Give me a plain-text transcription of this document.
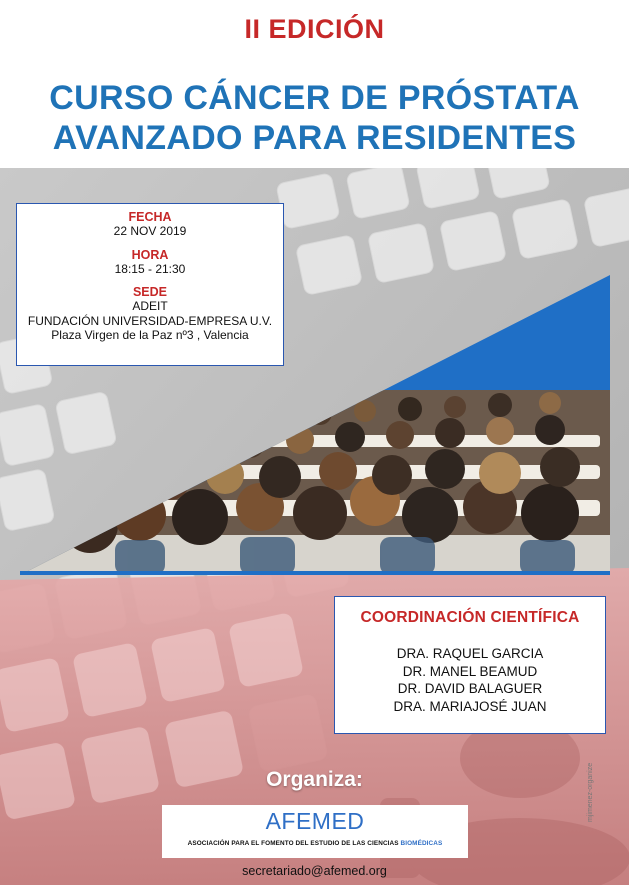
II EDICIÓN
CURSO CÁNCER DE PRÓSTATA
AVANZADO PARA RESIDENTES
FECHA
22 NOV 2019
HORA
18:15 - 21:30
SEDE
ADEIT
FUNDACIÓN UNIVERSIDAD-EMPRESA U.V.
Plaza Virgen de la Paz nº3 , Valencia
COORDINACIÓN CIENTÍFICA
DRA. RAQUEL GARCIA
DR. MANEL BEAMUD
DR. DAVID BALAGUER
DRA. MARIAJOSÉ JUAN
Organiza:
AFEMED
ASOCIACIÓN PARA EL FOMENTO DEL ESTUDIO DE LAS CIENCIAS BIOMÉDICAS
secretariado@afemed.org
mjimenez-organize
